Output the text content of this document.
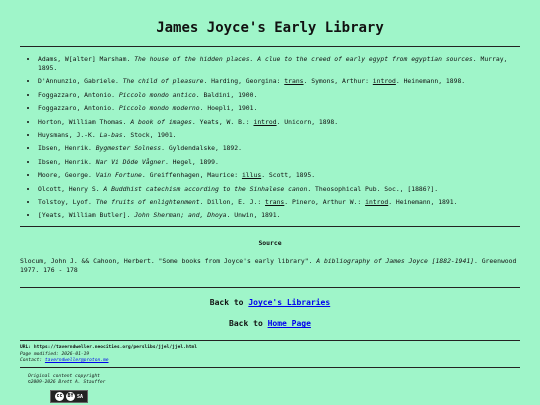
James Joyce's Early Library
• Adams, W[alter] Marsham. The house of the hidden places. A clue to the creed of early egypt from egyptian sources. Murray, 1895.
• D'Annunzio, Gabriele. The child of pleasure. Harding, Georgina: trans. Symons, Arthur: introd. Heinemann, 1898.
• Foggazzaro, Antonio. Piccolo mondo antico. Baldini, 1900.
• Foggazzaro, Antonio. Piccolo mondo moderno. Hoepli, 1901.
• Horton, William Thomas. A book of images. Yeats, W. B.: introd. Unicorn, 1898.
• Huysmans, J.-K. La-bas. Stock, 1901.
• Ibsen, Henrik. Bygmester Solness. Gyldendalske, 1892.
• Ibsen, Henrik. Nar Vi Döde Vågner. Hegel, 1899.
• Moore, George. Vain Fortune. Greiffenhagen, Maurice: illus. Scott, 1895.
• Olcott, Henry S. A Buddhist catechism according to the Sinhalese canon. Theosophical Pub. Soc., [1886?].
• Tolstoy, Lyof. The fruits of enlightenment. Dillon, E. J.: trans. Pinero, Arthur W.: introd. Heinemann, 1891.
• [Yeats, William Butler]. John Sherman; and, Dhoya. Unwin, 1891.
Source
Slocum, John J. && Cahoon, Herbert. "Some books from Joyce's early library". A bibliography of James Joyce [1882-1941]. Greenwood 1977. 176 - 178
Back to Joyce's Libraries
Back to Home Page
URL: https://taverndweller.neocities.org/perslibs/jjel/jjel.html
Page modified: 2026-01-19
Contact: taverndweller@proton.me
Original content copyright
©2009-2026 Brett A. Stauffer
cc BY SA
